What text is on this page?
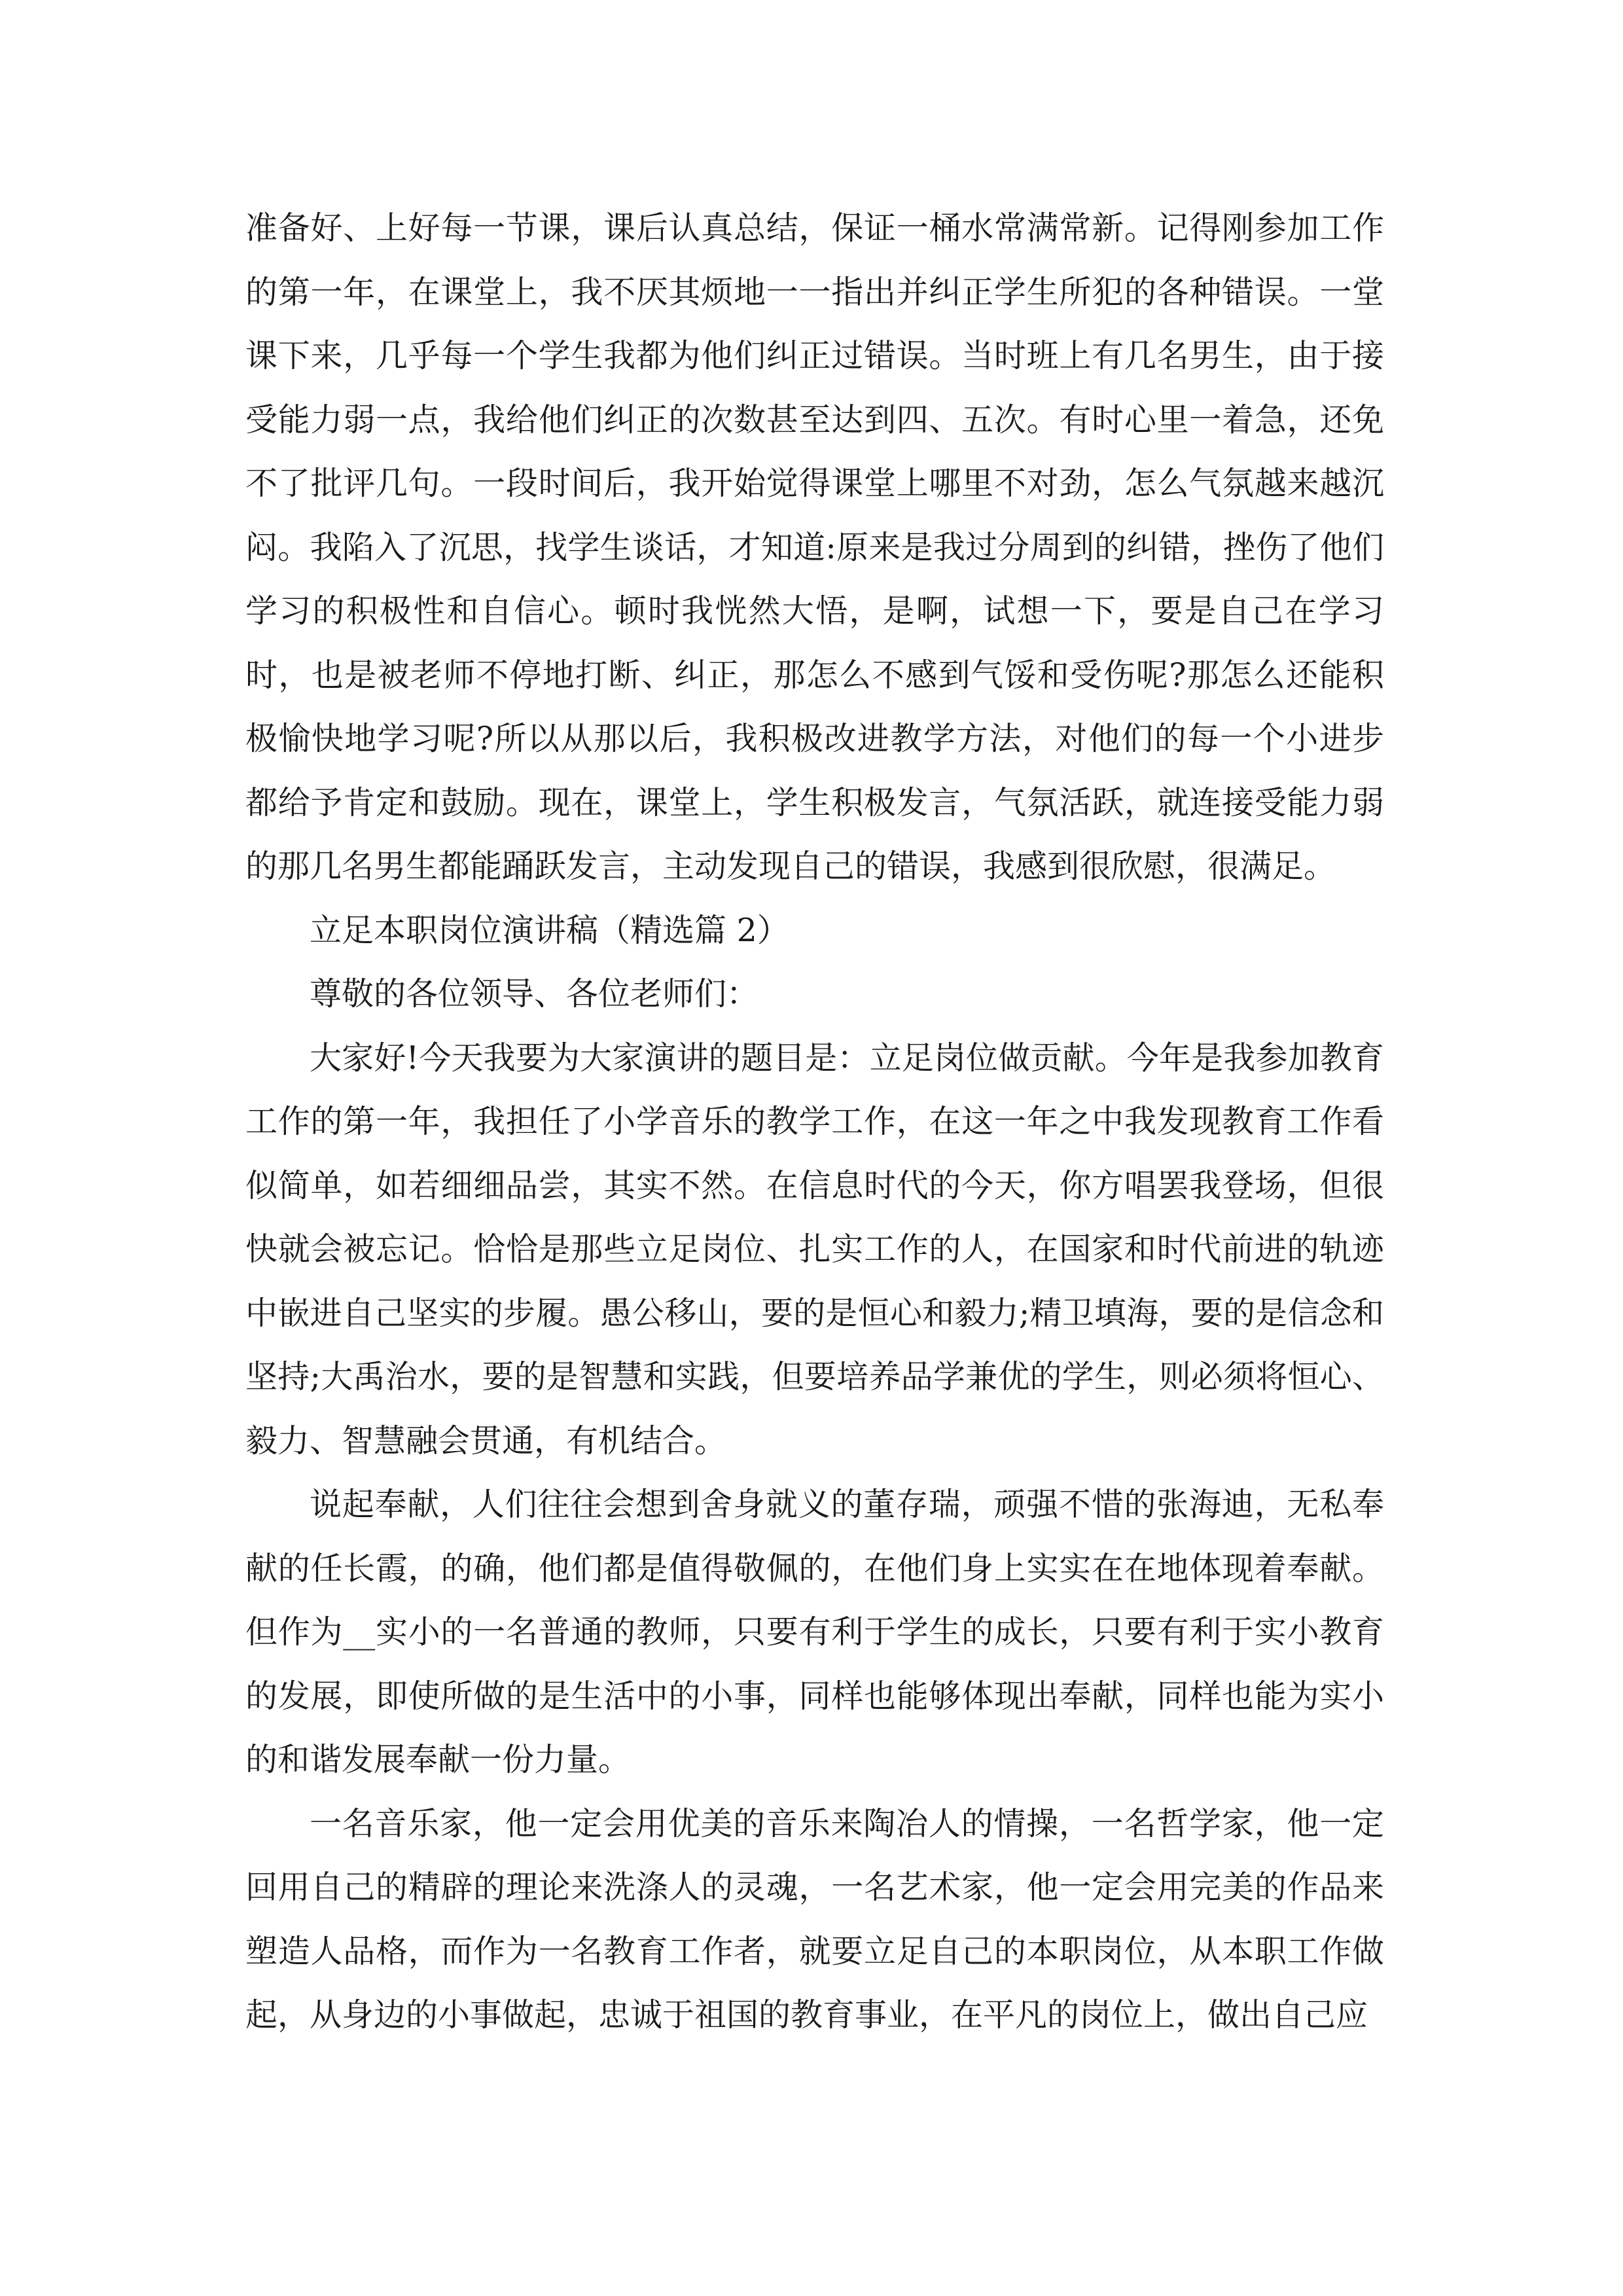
准备好、上好每一节课，课后认真总结，保证一桶水常满常新。记得刚参加工作的第一年，在课堂上，我不厌其烦地一一指出并纠正学生所犯的各种错误。一堂课下来，几乎每一个学生我都为他们纠正过错误。当时班上有几名男生，由于接受能力弱一点，我给他们纠正的次数甚至达到四、五次。有时心里一着急，还免不了批评几句。一段时间后，我开始觉得课堂上哪里不对劲，怎么气氛越来越沉闷。我陷入了沉思，找学生谈话，才知道:原来是我过分周到的纠错，挫伤了他们学习的积极性和自信心。顿时我恍然大悟，是啊，试想一下，要是自己在学习时，也是被老师不停地打断、纠正，那怎么不感到气馁和受伤呢?那怎么还能积极愉快地学习呢?所以从那以后，我积极改进教学方法，对他们的每一个小进步都给予肯定和鼓励。现在，课堂上，学生积极发言，气氛活跃，就连接受能力弱的那几名男生都能踊跃发言，主动发现自己的错误，我感到很欣慰，很满足。

立足本职岗位演讲稿（精选篇 2）

尊敬的各位领导、各位老师们：

大家好!今天我要为大家演讲的题目是：立足岗位做贡献。今年是我参加教育工作的第一年，我担任了小学音乐的教学工作，在这一年之中我发现教育工作看似简单，如若细细品尝，其实不然。在信息时代的今天，你方唱罢我登场，但很快就会被忘记。恰恰是那些立足岗位、扎实工作的人，在国家和时代前进的轨迹中嵌进自己坚实的步履。愚公移山，要的是恒心和毅力;精卫填海，要的是信念和坚持;大禹治水，要的是智慧和实践，但要培养品学兼优的学生，则必须将恒心、毅力、智慧融会贯通，有机结合。

说起奉献，人们往往会想到舍身就义的董存瑞，顽强不惜的张海迪，无私奉献的任长霞，的确，他们都是值得敬佩的，在他们身上实实在在地体现着奉献。但作为__实小的一名普通的教师，只要有利于学生的成长，只要有利于实小教育的发展，即使所做的是生活中的小事，同样也能够体现出奉献，同样也能为实小的和谐发展奉献一份力量。

一名音乐家，他一定会用优美的音乐来陶冶人的情操，一名哲学家，他一定回用自己的精辟的理论来洗涤人的灵魂，一名艺术家，他一定会用完美的作品来塑造人品格，而作为一名教育工作者，就要立足自己的本职岗位，从本职工作做起，从身边的小事做起，忠诚于祖国的教育事业，在平凡的岗位上，做出自己应
